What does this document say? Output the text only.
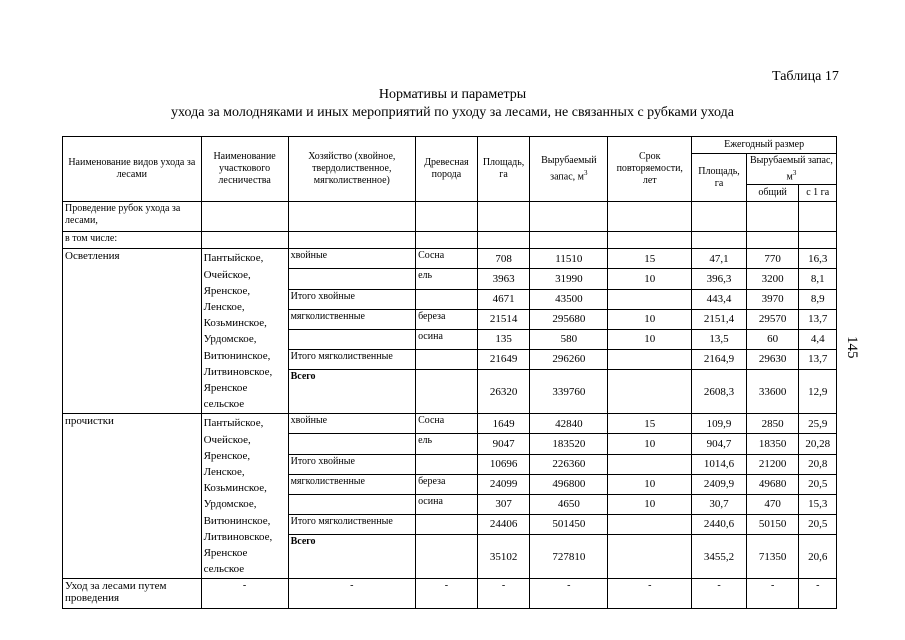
Таблица 17
Нормативы и параметры
ухода за молодняками и иных мероприятий по уходу за лесами, не связанных с рубками ухода
145
Наименование видов ухода за лесами	Наименование участкового лесничества	Хозяйство (хвойное, твердолиственное, мягколиственное)	Древесная порода	Площадь, га	Вырубаемый запас, $м^3$	Срок повторяемости, лет	Ежегодный размер		
							Площадь, га	Вырубаемый запас, $м^3$
								общий	с 1 га
Проведение рубок ухода за лесами,									
в том числе:									
Осветления	Пантыйское, Очейское, Яренское, Ленское, Козьминское, Урдомское, Витюнинское, Литвиновское, Яренское сельское	хвойные	Сосна	708	11510	15	47,1	770	16,3
			ель	3963	31990	10	396,3	3200	8,1
		Итого хвойные		4671	43500		443,4	3970	8,9
		мягколиственные	береза	21514	295680	10	2151,4	29570	13,7
			осина	135	580	10	13,5	60	4,4
		Итого мягколиственные		21649	296260		2164,9	29630	13,7
		Всего		26320	339760		2608,3	33600	12,9
прочистки	Пантыйское, Очейское, Яренское, Ленское, Козьминское, Урдомское, Витюнинское, Литвиновское, Яренское сельское	хвойные	Сосна	1649	42840	15	109,9	2850	25,9
			ель	9047	183520	10	904,7	18350	20,28
		Итого хвойные		10696	226360		1014,6	21200	20,8
		мягколиственные	береза	24099	496800	10	2409,9	49680	20,5
			осина	307	4650	10	30,7	470	15,3
		Итого мягколиственные		24406	501450		2440,6	50150	20,5
		Всего		35102	727810		3455,2	71350	20,6
Уход за лесами путем проведения	-	-	-	-	-	-	-	-	-
